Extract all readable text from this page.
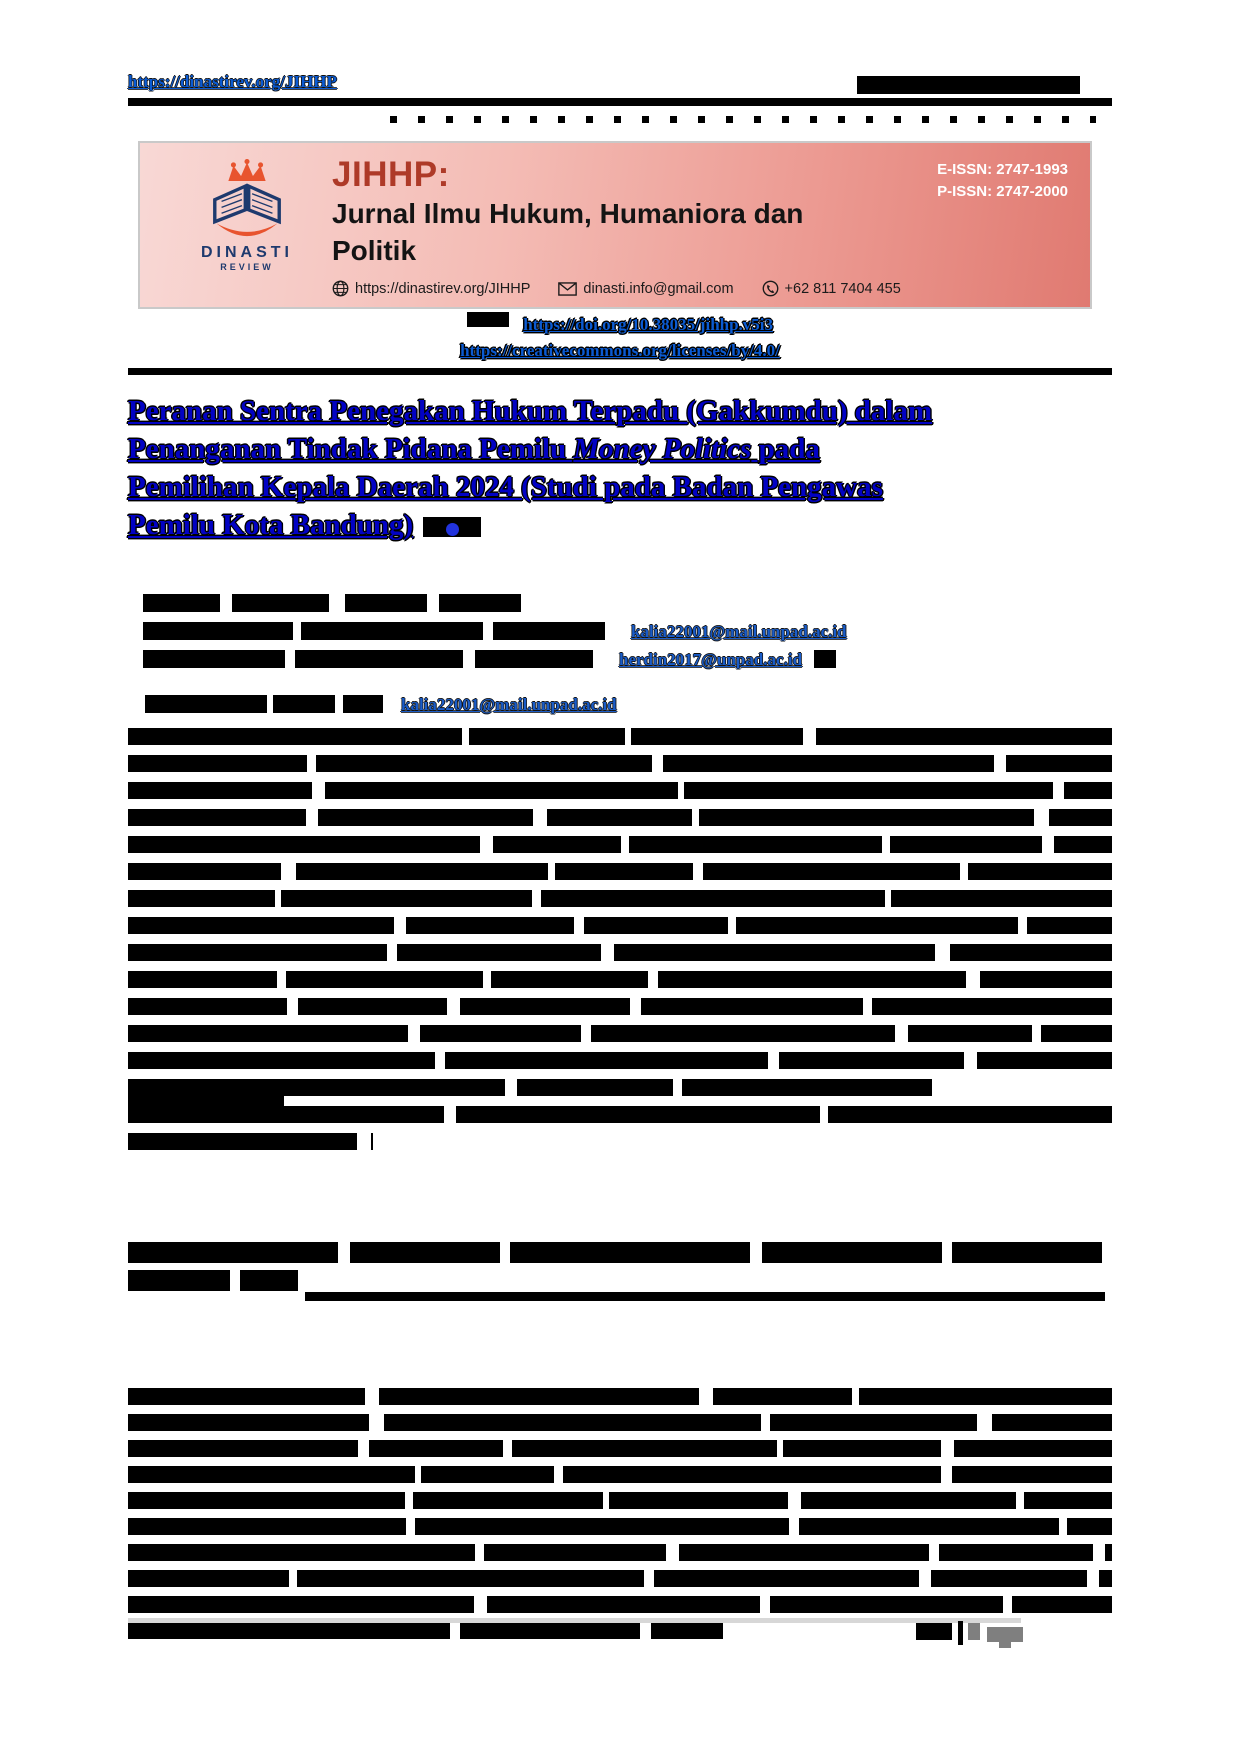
https://dinastirev.org/JIHHP
DINASTI
REVIEW
JIHHP:
Jurnal Ilmu Hukum, Humaniora dan
Politik
E-ISSN: 2747-1993
P-ISSN: 2747-2000
https://dinastirev.org/JIHHP	dinasti.info@gmail.com	+62 811 7404 455
https://doi.org/10.38035/jihhp.v5i3
https://creativecommons.org/licenses/by/4.0/
Peranan Sentra Penegakan Hukum Terpadu (Gakkumdu) dalam
Penanganan Tindak Pidana Pemilu Money Politics pada
Pemilihan Kepala Daerah 2024 (Studi pada Badan Pengawas
Pemilu Kota Bandung)
kalia22001@mail.unpad.ac.id
herdin2017@unpad.ac.id
kalia22001@mail.unpad.ac.id
